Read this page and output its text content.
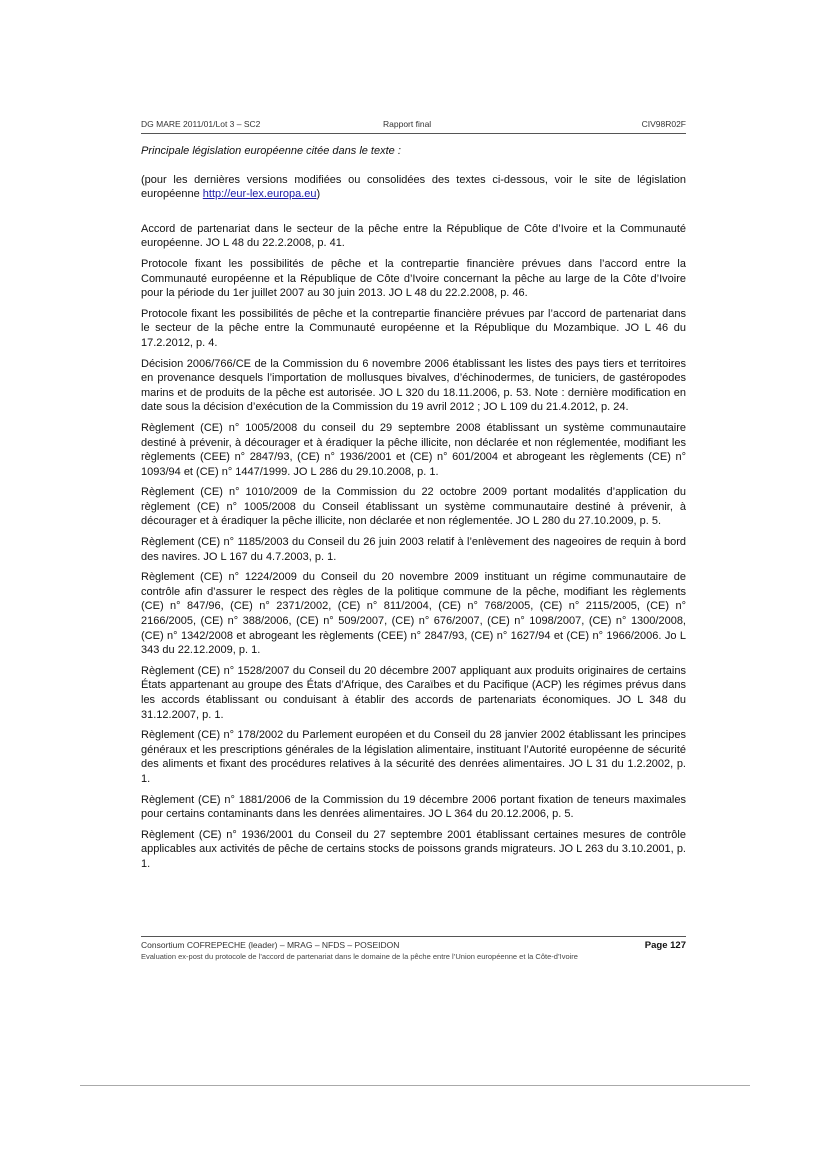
DG MARE 2011/01/Lot 3 – SC2	Rapport final	CIV98R02F

Principale législation européenne citée dans le texte :

(pour les dernières versions modifiées ou consolidées des textes ci-dessous, voir le site de législation européenne http://eur-lex.europa.eu)

Accord de partenariat dans le secteur de la pêche entre la République de Côte d’Ivoire et la Communauté européenne. JO L 48 du 22.2.2008, p. 41.

Protocole fixant les possibilités de pêche et la contrepartie financière prévues dans l’accord entre la Communauté européenne et la République de Côte d’Ivoire concernant la pêche au large de la Côte d’Ivoire pour la période du 1er juillet 2007 au 30 juin 2013. JO L 48 du 22.2.2008, p. 46.

Protocole fixant les possibilités de pêche et la contrepartie financière prévues par l’accord de partenariat dans le secteur de la pêche entre la Communauté européenne et la République du Mozambique. JO L 46 du 17.2.2012, p. 4.

Décision 2006/766/CE de la Commission du 6 novembre 2006 établissant les listes des pays tiers et territoires en provenance desquels l’importation de mollusques bivalves, d’échinodermes, de tuniciers, de gastéropodes marins et de produits de la pêche est autorisée. JO L 320 du 18.11.2006, p. 53. Note : dernière modification en date sous la décision d’exécution de la Commission du 19 avril 2012 ; JO L 109 du 21.4.2012, p. 24.

Règlement (CE) n° 1005/2008 du conseil du 29 septembre 2008 établissant un système communautaire destiné à prévenir, à décourager et à éradiquer la pêche illicite, non déclarée et non réglementée, modifiant les règlements (CEE) n° 2847/93, (CE) n° 1936/2001 et (CE) n° 601/2004 et abrogeant les règlements (CE) n° 1093/94 et (CE) n° 1447/1999. JO L 286 du 29.10.2008, p. 1.

Règlement (CE) n° 1010/2009 de la Commission du 22 octobre 2009 portant modalités d’application du règlement (CE) n° 1005/2008 du Conseil établissant un système communautaire destiné à prévenir, à décourager et à éradiquer la pêche illicite, non déclarée et non réglementée. JO L 280 du 27.10.2009, p. 5.

Règlement (CE) n° 1185/2003 du Conseil du 26 juin 2003 relatif à l’enlèvement des nageoires de requin à bord des navires. JO L 167 du 4.7.2003, p. 1.

Règlement (CE) n° 1224/2009 du Conseil du 20 novembre 2009 instituant un régime communautaire de contrôle afin d’assurer le respect des règles de la politique commune de la pêche, modifiant les règlements (CE) n° 847/96, (CE) n° 2371/2002, (CE) n° 811/2004, (CE) n° 768/2005, (CE) n° 2115/2005, (CE) n° 2166/2005, (CE) n° 388/2006, (CE) n° 509/2007, (CE) n° 676/2007, (CE) n° 1098/2007, (CE) n° 1300/2008, (CE) n° 1342/2008 et abrogeant les règlements (CEE) n° 2847/93, (CE) n° 1627/94 et (CE) n° 1966/2006. Jo L 343 du 22.12.2009, p. 1.

Règlement (CE) n° 1528/2007 du Conseil du 20 décembre 2007 appliquant aux produits originaires de certains États appartenant au groupe des États d’Afrique, des Caraïbes et du Pacifique (ACP) les régimes prévus dans les accords établissant ou conduisant à établir des accords de partenariats économiques. JO L 348 du 31.12.2007, p. 1.

Règlement (CE) n° 178/2002 du Parlement européen et du Conseil du 28 janvier 2002 établissant les principes généraux et les prescriptions générales de la législation alimentaire, instituant l’Autorité européenne de sécurité des aliments et fixant des procédures relatives à la sécurité des denrées alimentaires. JO L 31 du 1.2.2002, p. 1.

Règlement (CE) n° 1881/2006 de la Commission du 19 décembre 2006 portant fixation de teneurs maximales pour certains contaminants dans les denrées alimentaires. JO L 364 du 20.12.2006, p. 5.

Règlement (CE) n° 1936/2001 du Conseil du 27 septembre 2001 établissant certaines mesures de contrôle applicables aux activités de pêche de certains stocks de poissons grands migrateurs. JO L 263 du 3.10.2001, p. 1.

Consortium COFREPECHE (leader) – MRAG – NFDS – POSEIDON	Page 127
Evaluation ex-post du protocole de l’accord de partenariat dans le domaine de la pêche entre l’Union européenne et la Côte-d’Ivoire
